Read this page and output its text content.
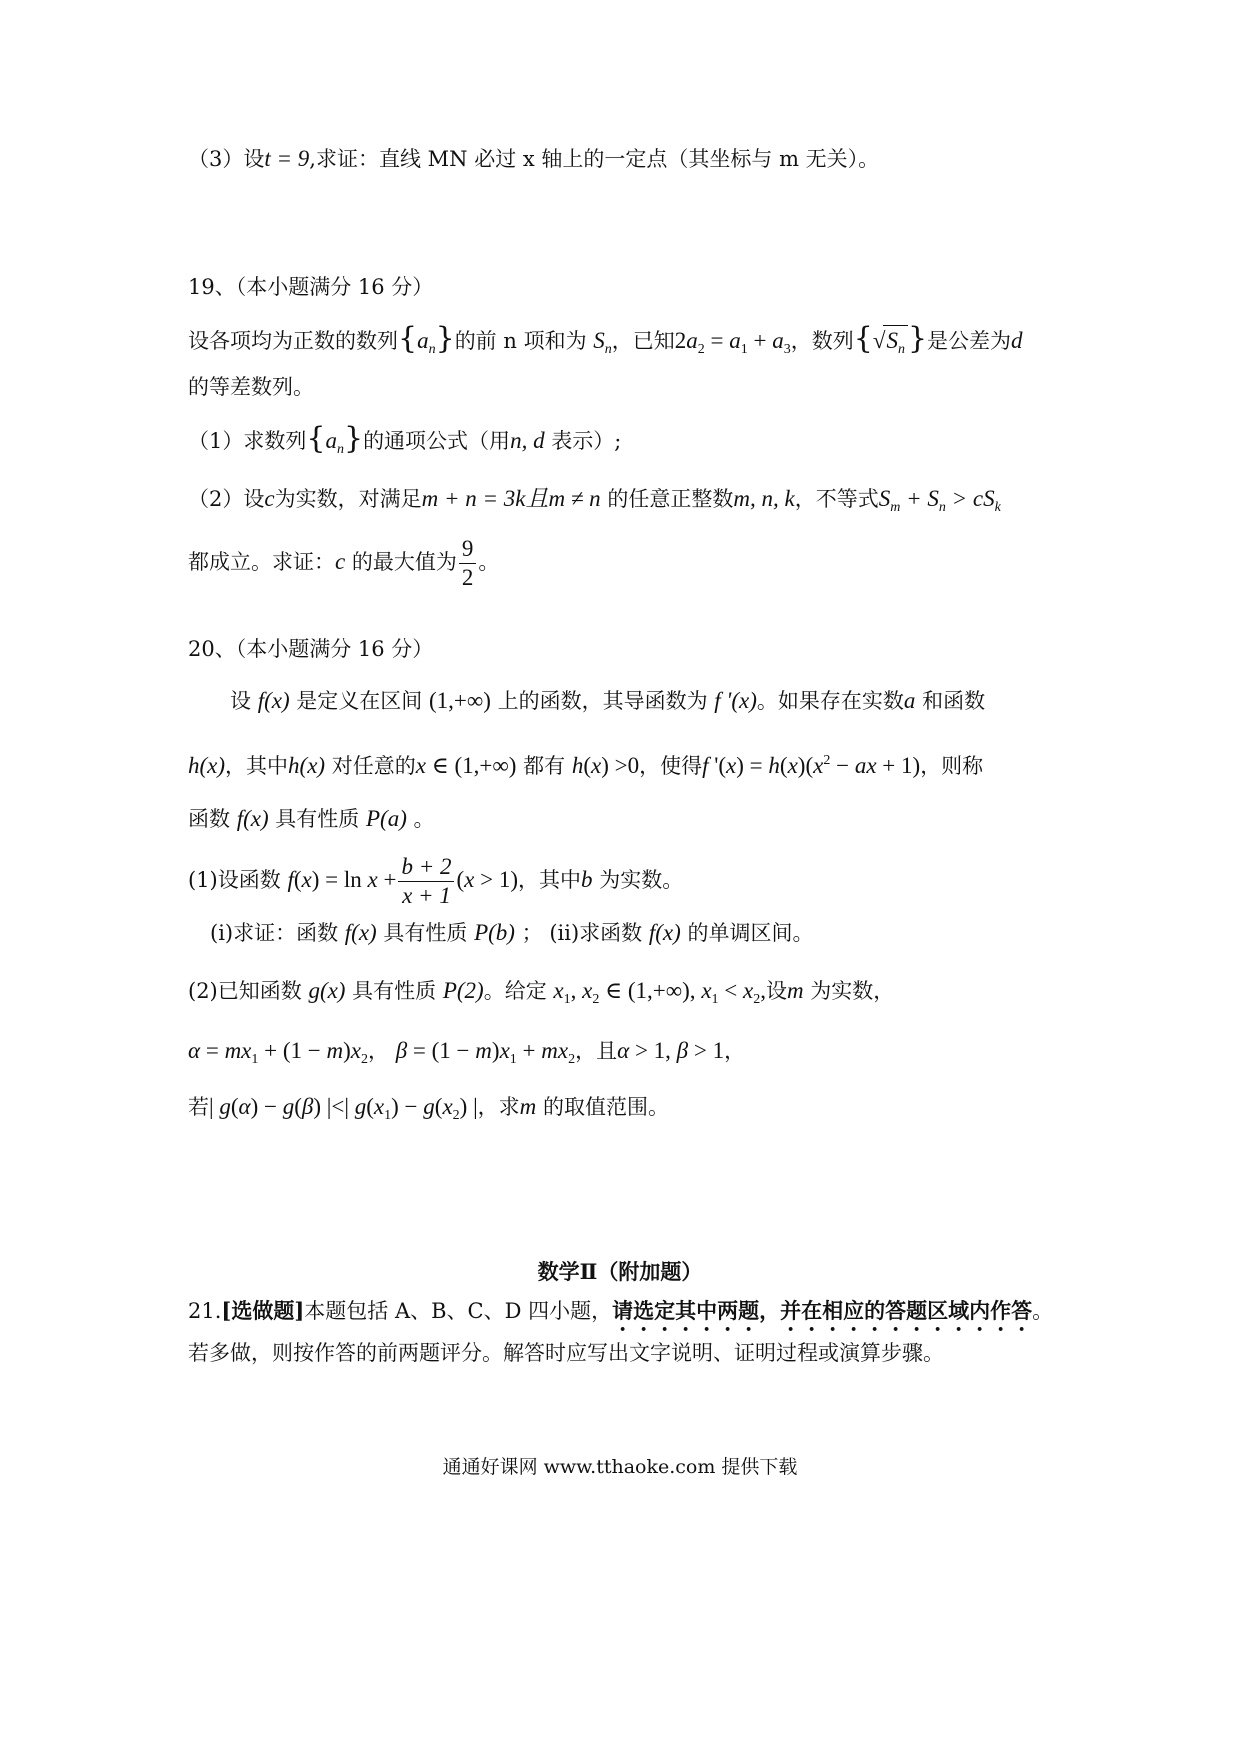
（3）设t = 9,求证：直线 MN 必过 x 轴上的一定点（其坐标与 m 无关）。
19、（本小题满分 16 分）
设各项均为正数的数列$\{a_n\}$的前 n 项和为 $S_n$，已知$2a_2 = a_1 + a_3$，数列{$√S_n$ }是公差为d
的等差数列。
（1）求数列$\{a_n\}$的通项公式（用n, d 表示）;
（2）设c为实数，对满足m + n = 3k且m ≠ n 的任意正整数m, n, k，不等式$S_m + S_n > cS_k$
都成立。求证：c 的最大值为 $\frac{9}{2}$ 。
20、（本小题满分 16 分）
设 f(x) 是定义在区间 (1,+∞) 上的函数，其导函数为 f '(x)。如果存在实数a 和函数
h(x)，其中h(x) 对任意的x ∈ (1,+∞) 都有 h(x) >0，使得f '$(x) = h(x)(x^2$ − ax + 1)，则称
函数 f(x) 具有性质 P(a) 。
(1)设函数 $f(x) = \ln x + \frac{b + 2}{x + 1} (x > 1)$，其中b 为实数。
(i)求证：函数 f(x) 具有性质 P(b) ； (ii)求函数 f(x) 的单调区间。
(2)已知函数 g(x) 具有性质 P(2)。给定 $x_1$, $x_2$ ∈ (1,+∞), $x_1 < x_2$,设m 为实数，
$\alpha = mx_1 + (1 - m)x_2$， $\beta = (1 - m)x_1 + mx_2$，且α > 1, β > 1，
若| g(α) − g(β) |<| $g(x_1) - g(x_2)$ |，求m 的取值范围。
数学Ⅱ（附加题）
21.[选做题]本题包括 A、B、C、D 四小题，请选定其中两题，并在相应的答题区域内作答。
若多做，则按作答的前两题评分。解答时应写出文字说明、证明过程或演算步骤。
通通好课网 www.tthaoke.com 提供下载
